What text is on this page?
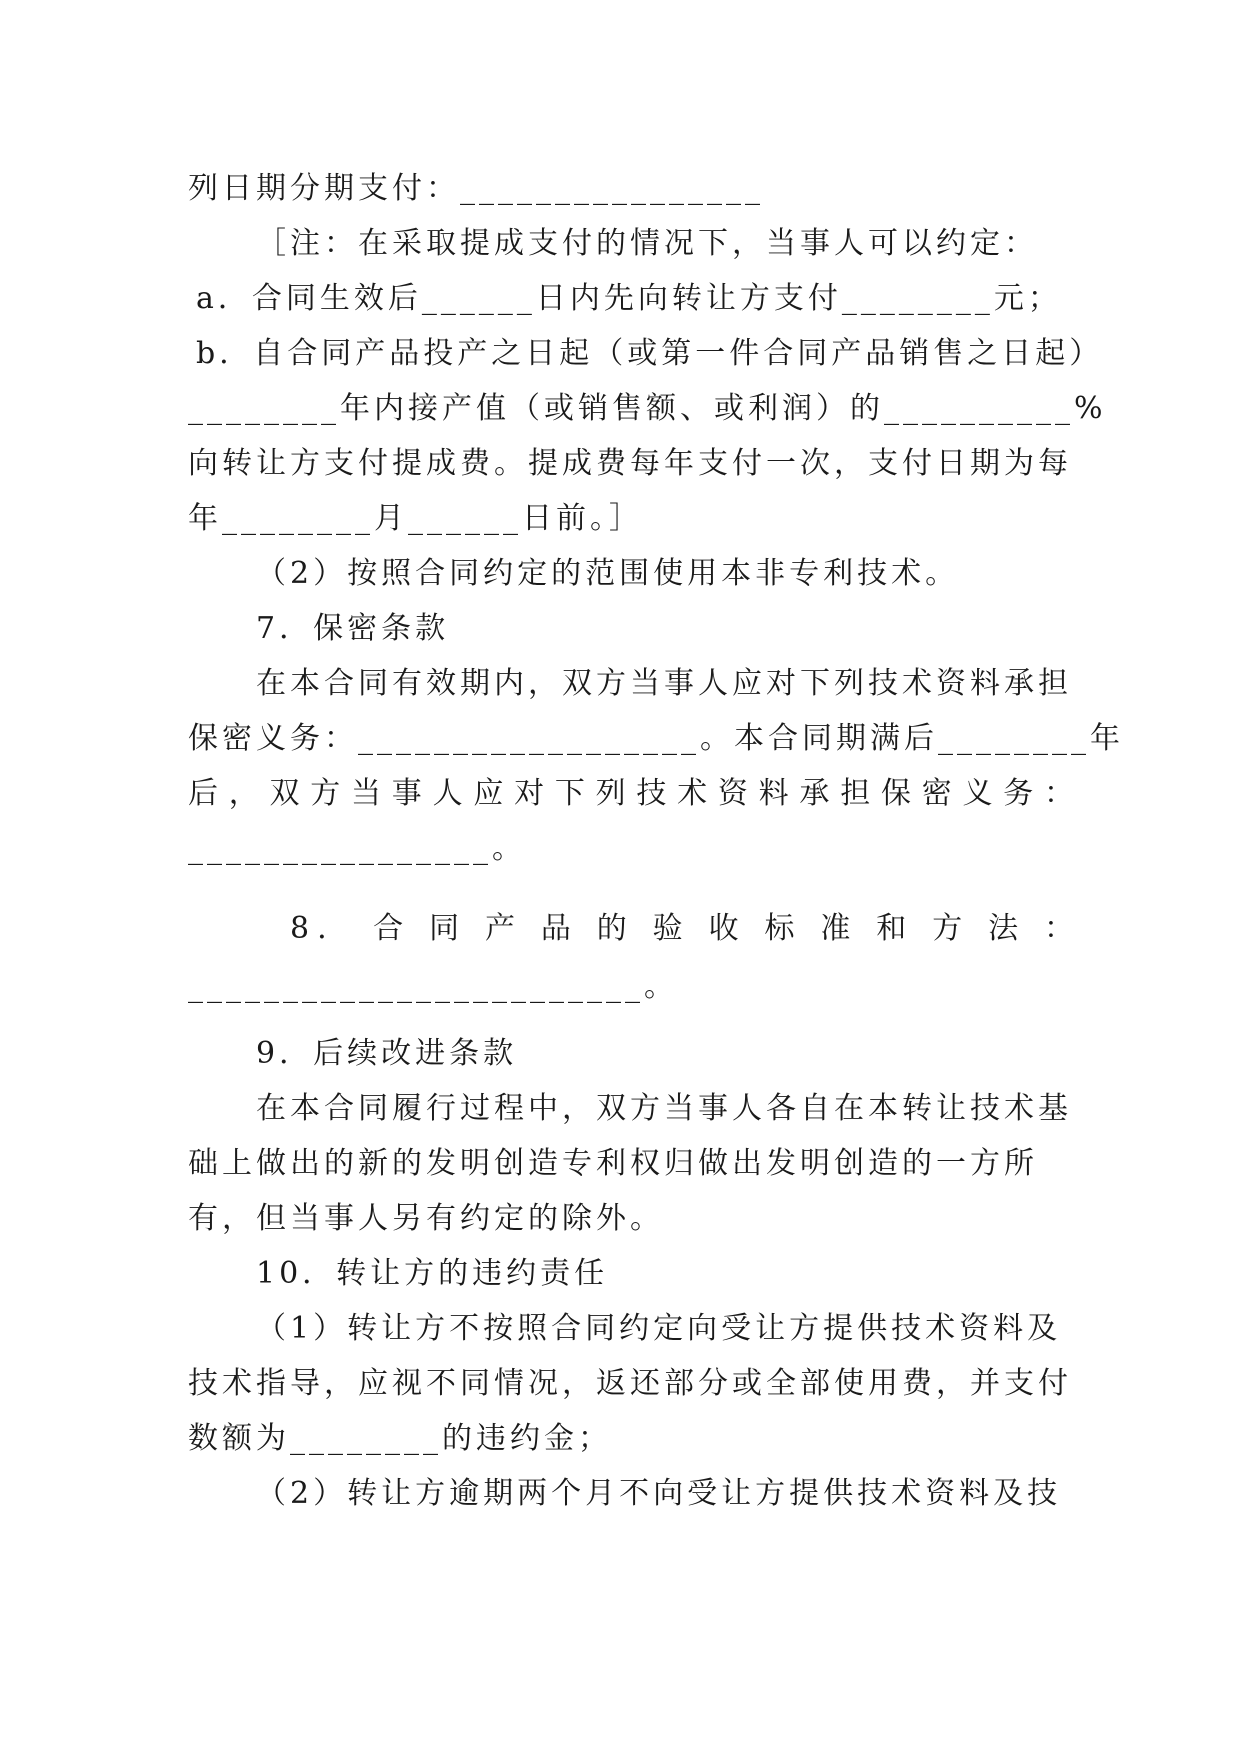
列日期分期支付：________________
［注：在采取提成支付的情况下，当事人可以约定：
a．合同生效后______日内先向转让方支付________元；
b．自合同产品投产之日起（或第一件合同产品销售之日起）
________年内接产值（或销售额、或利润）的__________%
向转让方支付提成费。提成费每年支付一次，支付日期为每
年________月______日前。］
（2）按照合同约定的范围使用本非专利技术。
7．保密条款
在本合同有效期内，双方当事人应对下列技术资料承担
保密义务：__________________。本合同期满后________年
后，双方当事人应对下列技术资料承担保密义务：
________________。
8． 合 同 产 品 的 验 收 标 准 和 方 法 ：
________________________。
9．后续改进条款
在本合同履行过程中，双方当事人各自在本转让技术基
础上做出的新的发明创造专利权归做出发明创造的一方所
有，但当事人另有约定的除外。
10．转让方的违约责任
（1）转让方不按照合同约定向受让方提供技术资料及
技术指导，应视不同情况，返还部分或全部使用费，并支付
数额为________的违约金；
（2）转让方逾期两个月不向受让方提供技术资料及技
